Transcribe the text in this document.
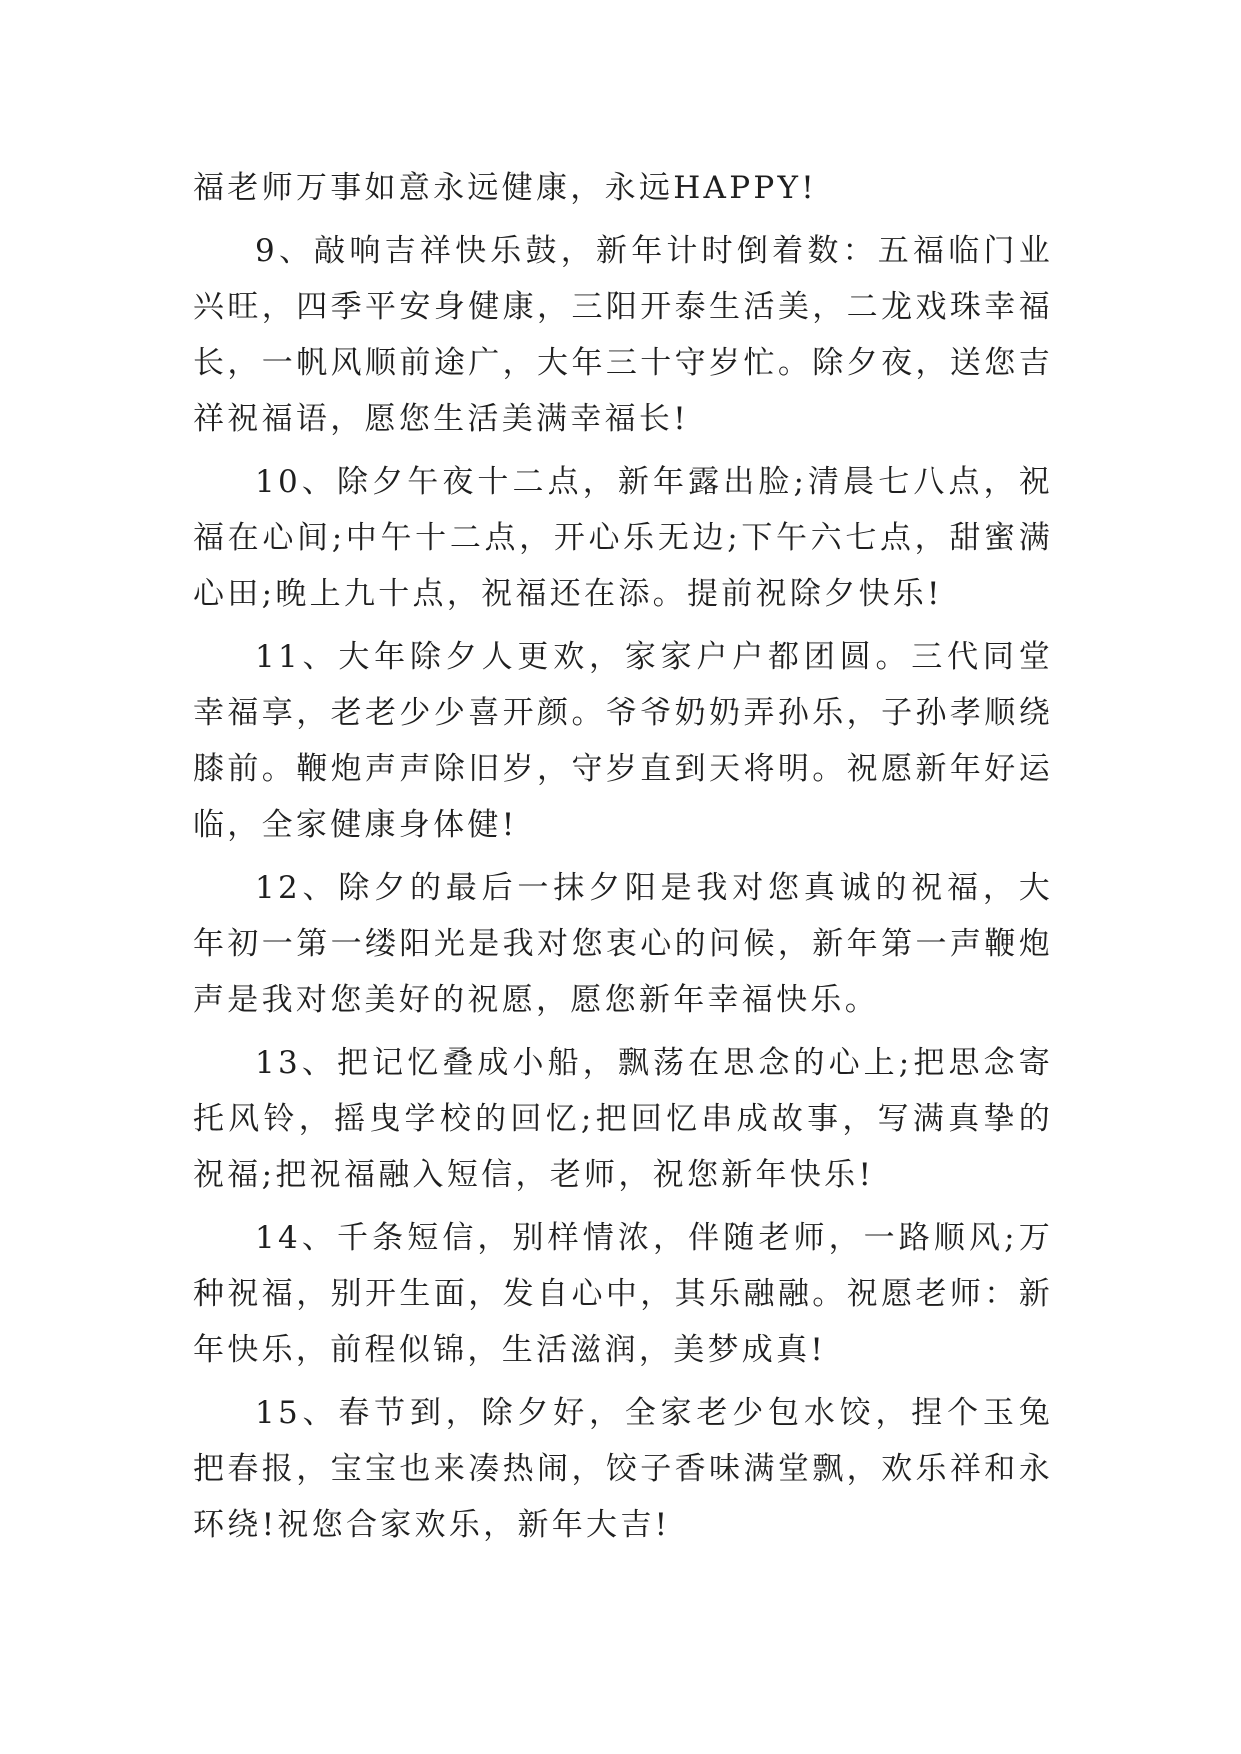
福老师万事如意永远健康，永远HAPPY!

9、敲响吉祥快乐鼓，新年计时倒着数：五福临门业兴旺，四季平安身健康，三阳开泰生活美，二龙戏珠幸福长，一帆风顺前途广，大年三十守岁忙。除夕夜，送您吉祥祝福语，愿您生活美满幸福长!

10、除夕午夜十二点，新年露出脸;清晨七八点，祝福在心间;中午十二点，开心乐无边;下午六七点，甜蜜满心田;晚上九十点，祝福还在添。提前祝除夕快乐!

11、大年除夕人更欢，家家户户都团圆。三代同堂幸福享，老老少少喜开颜。爷爷奶奶弄孙乐，子孙孝顺绕膝前。鞭炮声声除旧岁，守岁直到天将明。祝愿新年好运临，全家健康身体健!

12、除夕的最后一抹夕阳是我对您真诚的祝福，大年初一第一缕阳光是我对您衷心的问候，新年第一声鞭炮声是我对您美好的祝愿，愿您新年幸福快乐。

13、把记忆叠成小船，飘荡在思念的心上;把思念寄托风铃，摇曳学校的回忆;把回忆串成故事，写满真挚的祝福;把祝福融入短信，老师，祝您新年快乐!

14、千条短信，别样情浓，伴随老师，一路顺风;万种祝福，别开生面，发自心中，其乐融融。祝愿老师：新年快乐，前程似锦，生活滋润，美梦成真!

15、春节到，除夕好，全家老少包水饺，捏个玉兔把春报，宝宝也来凑热闹，饺子香味满堂飘，欢乐祥和永环绕!祝您合家欢乐，新年大吉!
